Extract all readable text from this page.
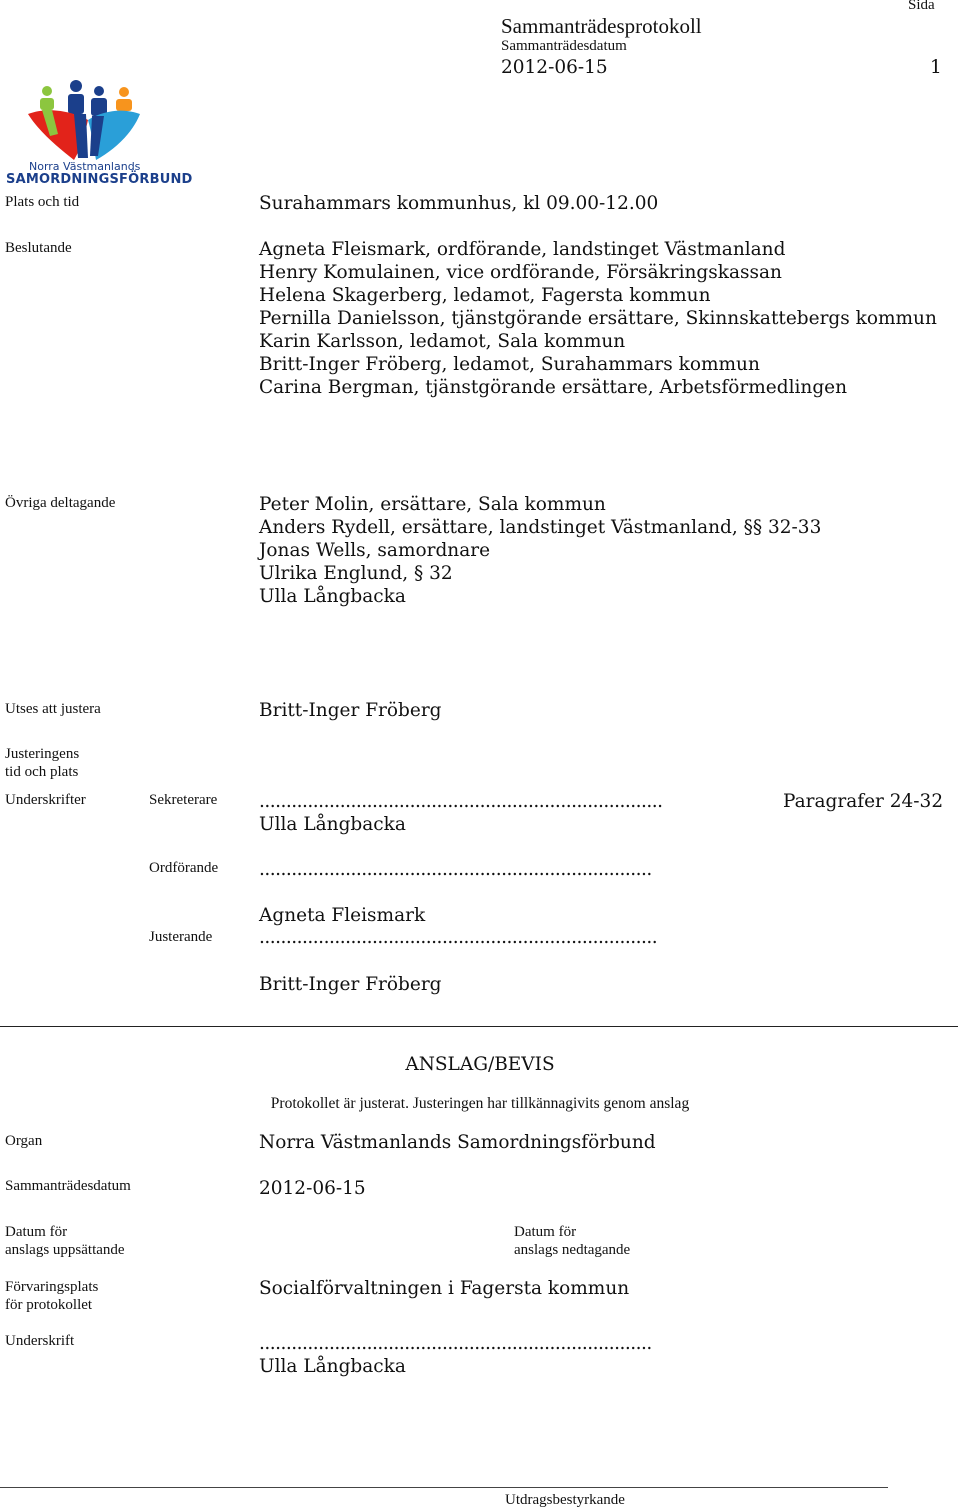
Sida
Sammanträdesprotokoll
Sammanträdesdatum
2012-06-15	1
Norra Västmanlands
SAMORDNINGSFÖRBUND
Plats och tid	Surahammars kommunhus, kl 09.00-12.00
Beslutande	Agneta Fleismark, ordförande, landstinget Västmanland
Henry Komulainen, vice ordförande, Försäkringskassan
Helena Skagerberg, ledamot, Fagersta kommun
Pernilla Danielsson, tjänstgörande ersättare, Skinnskattebergs kommun
Karin Karlsson, ledamot, Sala kommun
Britt-Inger Fröberg, ledamot, Surahammars kommun
Carina Bergman, tjänstgörande ersättare, Arbetsförmedlingen
Övriga deltagande	Peter Molin, ersättare, Sala kommun
Anders Rydell, ersättare, landstinget Västmanland, §§ 32-33
Jonas Wells, samordnare
Ulrika Englund, § 32
Ulla Långbacka
Utses att justera	Britt-Inger Fröberg
Justeringens
tid och plats
Underskrifter	Sekreterare ...........................................................................	Paragrafer 24-32
Ulla Långbacka
Ordförande .........................................................................
Agneta Fleismark
Justerande	..........................................................................
Britt-Inger Fröberg
ANSLAG/BEVIS
Protokollet är justerat. Justeringen har tillkännagivits genom anslag
Organ	Norra Västmanlands Samordningsförbund
Sammanträdesdatum	2012-06-15
Datum för
anslags uppsättande
Datum för
anslags nedtagande
Förvaringsplats
för protokollet
Socialförvaltningen i Fagersta kommun
Underskrift	.........................................................................
Ulla Långbacka
Utdragsbestyrkande
